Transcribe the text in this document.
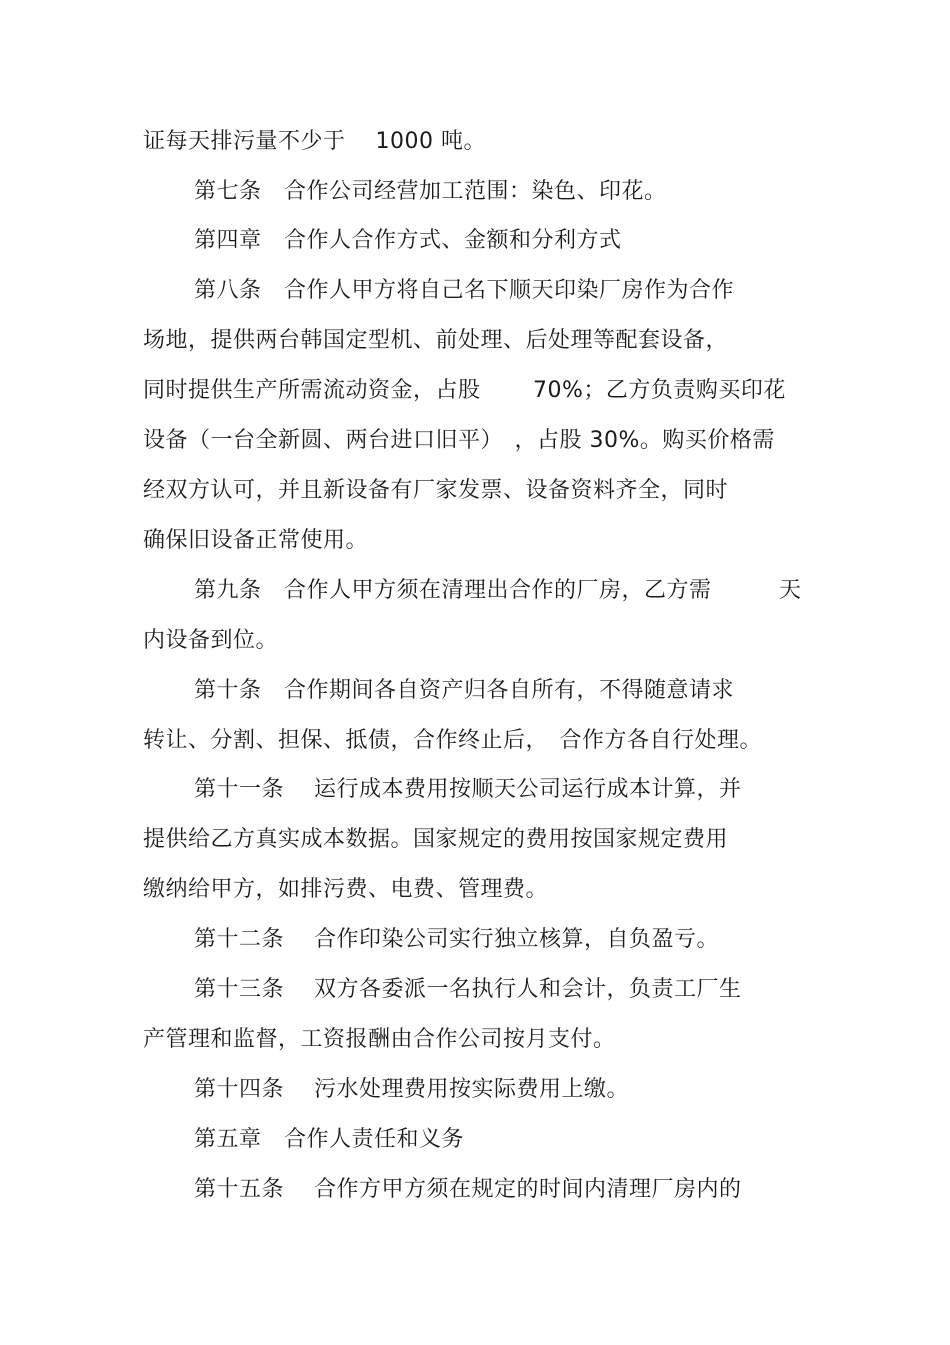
证每天排污量不少于　 1000 吨。
第七条　合作公司经营加工范围：染色、印花。
第四章　合作人合作方式、金额和分利方式
第八条　合作人甲方将自己名下顺天印染厂房作为合作
场地，提供两台韩国定型机、前处理、后处理等配套设备，
同时提供生产所需流动资金，占股　　 70%；乙方负责购买印花
设备（一台全新圆、两台进口旧平）　，占股 30%。购买价格需
经双方认可，并且新设备有厂家发票、设备资料齐全，同时
确保旧设备正常使用。
第九条　合作人甲方须在清理出合作的厂房，乙方需　　　天
内设备到位。
第十条　合作期间各自资产归各自所有，不得随意请求
转让、分割、担保、抵债，合作终止后，　合作方各自行处理。
第十一条　 运行成本费用按顺天公司运行成本计算，并
提供给乙方真实成本数据。国家规定的费用按国家规定费用
缴纳给甲方，如排污费、电费、管理费。
第十二条　 合作印染公司实行独立核算，自负盈亏。
第十三条　 双方各委派一名执行人和会计，负责工厂生
产管理和监督，工资报酬由合作公司按月支付。
第十四条　 污水处理费用按实际费用上缴。
第五章　合作人责任和义务
第十五条　 合作方甲方须在规定的时间内清理厂房内的
